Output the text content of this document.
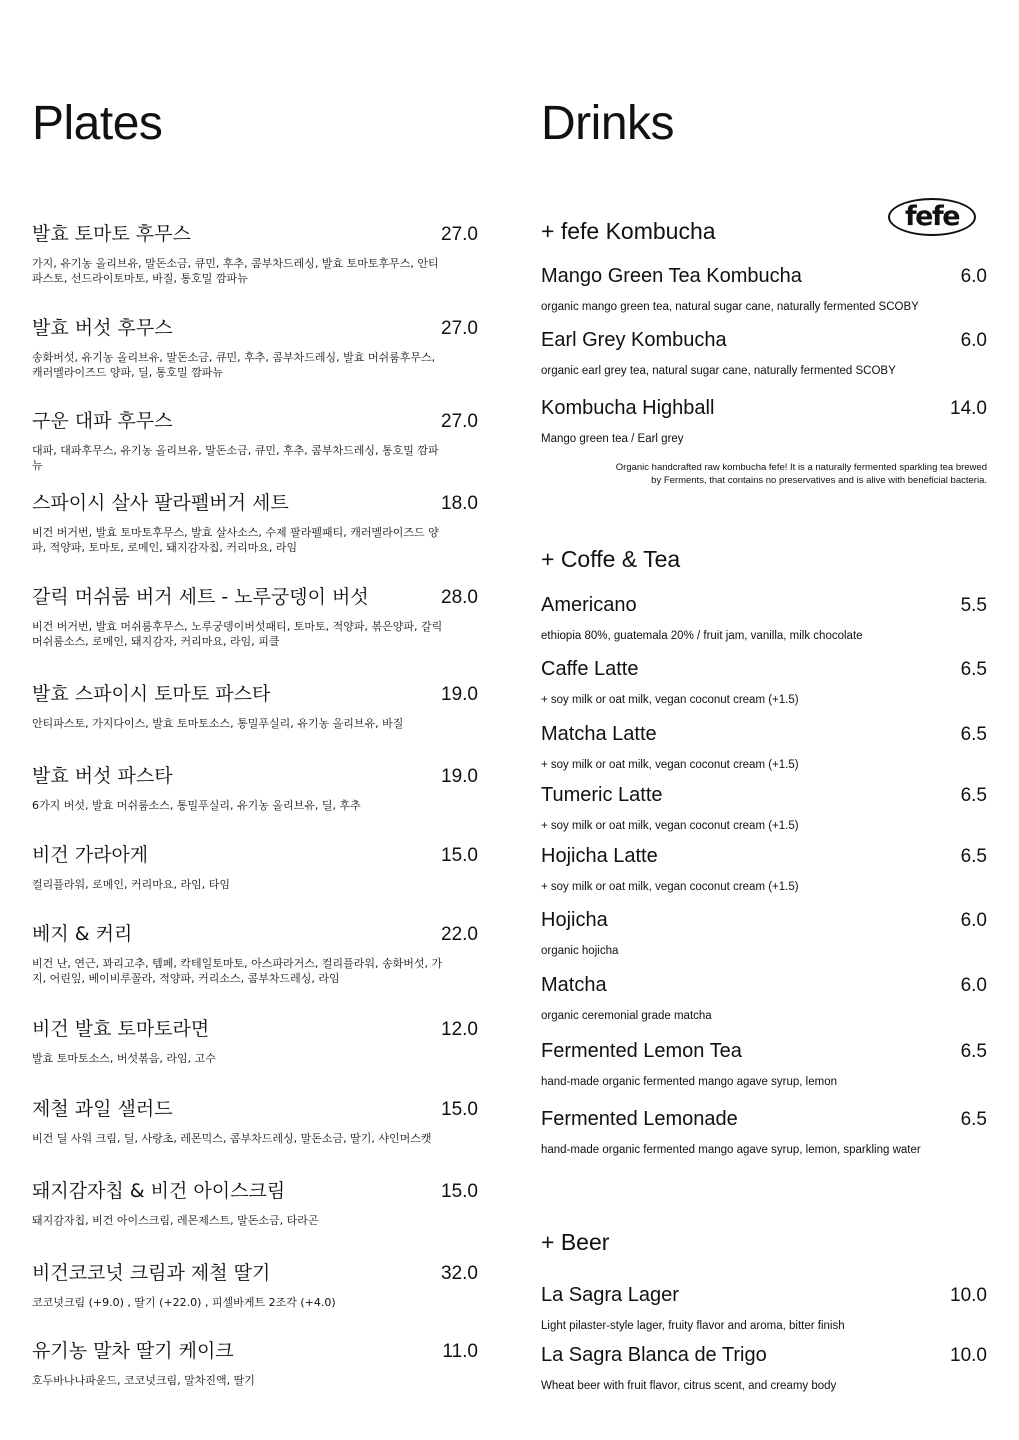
Plates
발효 토마토 후무스	27.0
가지, 유기농 올리브유, 말돈소금, 큐민, 후추, 콤부차드레싱, 발효 토마토후무스, 안티파스토, 선드라이토마토, 바질, 통호밀 깜파뉴
발효 버섯 후무스	27.0
송화버섯, 유기농 올리브유, 말돈소금, 큐민, 후추, 콤부차드레싱, 발효 머쉬룸후무스, 캐러멜라이즈드 양파, 딜, 통호밀 깜파뉴
구운 대파 후무스	27.0
대파, 대파후무스, 유기농 올리브유, 말돈소금, 큐민, 후추, 콤부차드레싱, 통호밀 깜파뉴
스파이시 살사 팔라펠버거 세트	18.0
비건 버거번, 발효 토마토후무스, 발효 살사소스, 수제 팔라펠패티, 캐러멜라이즈드 양파, 적양파, 토마토, 로메인, 돼지감자칩, 커리마요, 라임
갈릭 머쉬룸 버거 세트 - 노루궁뎅이 버섯	28.0
비건 버거번, 발효 머쉬룸후무스, 노루궁뎅이버섯패티, 토마토, 적양파, 볶은양파, 갈릭머쉬룸소스, 로메인, 돼지감자, 커리마요, 라임, 피클
발효 스파이시 토마토 파스타	19.0
안티파스토, 가지다이스, 발효 토마토소스, 통밀푸실리, 유기농 올리브유, 바질
발효 버섯 파스타	19.0
6가지 버섯, 발효 머쉬룸소스, 통밀푸실리, 유기농 올리브유, 딜, 후추
비건 가라아게	15.0
컬리플라워, 로메인, 커리마요, 라임, 타임
베지 & 커리	22.0
비건 난, 연근, 꽈리고추, 템페, 칵테일토마토, 아스파라거스, 컬리플라워, 송화버섯, 가지, 어린잎, 베이비루꼴라, 적양파, 커리소스, 콤부차드레싱, 라임
비건 발효 토마토라면	12.0
발효 토마토소스, 버섯볶음, 라임, 고수
제철 과일 샐러드	15.0
비건 딜 사워 크림, 딜, 사랑초, 레몬믹스, 콤부차드레싱, 말돈소금, 딸기, 샤인머스캣
돼지감자칩 & 비건 아이스크림	15.0
돼지감자칩, 비건 아이스크림, 레몬제스트, 말돈소금, 타라곤
비건코코넛 크림과 제철 딸기	32.0
코코넛크림 (+9.0) , 딸기 (+22.0) , 피셀바게트 2조각 (+4.0)
유기농 말차 딸기 케이크	11.0
호두바나나파운드, 코코넛크림, 말차진액, 딸기
Drinks
fefe
+ fefe Kombucha
Mango Green Tea Kombucha	6.0
organic mango green tea, natural sugar cane, naturally fermented SCOBY
Earl Grey Kombucha	6.0
organic earl grey tea, natural sugar cane, naturally fermented SCOBY
Kombucha Highball	14.0
Mango green tea / Earl grey
Organic handcrafted raw kombucha fefe! It is a naturally fermented sparkling tea brewed
by Ferments, that contains no preservatives and is alive with beneficial bacteria.
+ Coffe & Tea
Americano	5.5
ethiopia 80%, guatemala 20% / fruit jam, vanilla, milk chocolate
Caffe Latte	6.5
+ soy milk or oat milk, vegan coconut cream (+1.5)
Matcha Latte	6.5
+ soy milk or oat milk, vegan coconut cream (+1.5)
Tumeric Latte	6.5
+ soy milk or oat milk, vegan coconut cream (+1.5)
Hojicha Latte	6.5
+ soy milk or oat milk, vegan coconut cream (+1.5)
Hojicha	6.0
organic hojicha
Matcha	6.0
organic ceremonial grade matcha
Fermented Lemon Tea	6.5
hand-made organic fermented mango agave syrup, lemon
Fermented Lemonade	6.5
hand-made organic fermented mango agave syrup, lemon, sparkling water
+ Beer
La Sagra Lager	10.0
Light pilaster-style lager, fruity flavor and aroma, bitter finish
La Sagra Blanca de Trigo	10.0
Wheat beer with fruit flavor, citrus scent, and creamy body
